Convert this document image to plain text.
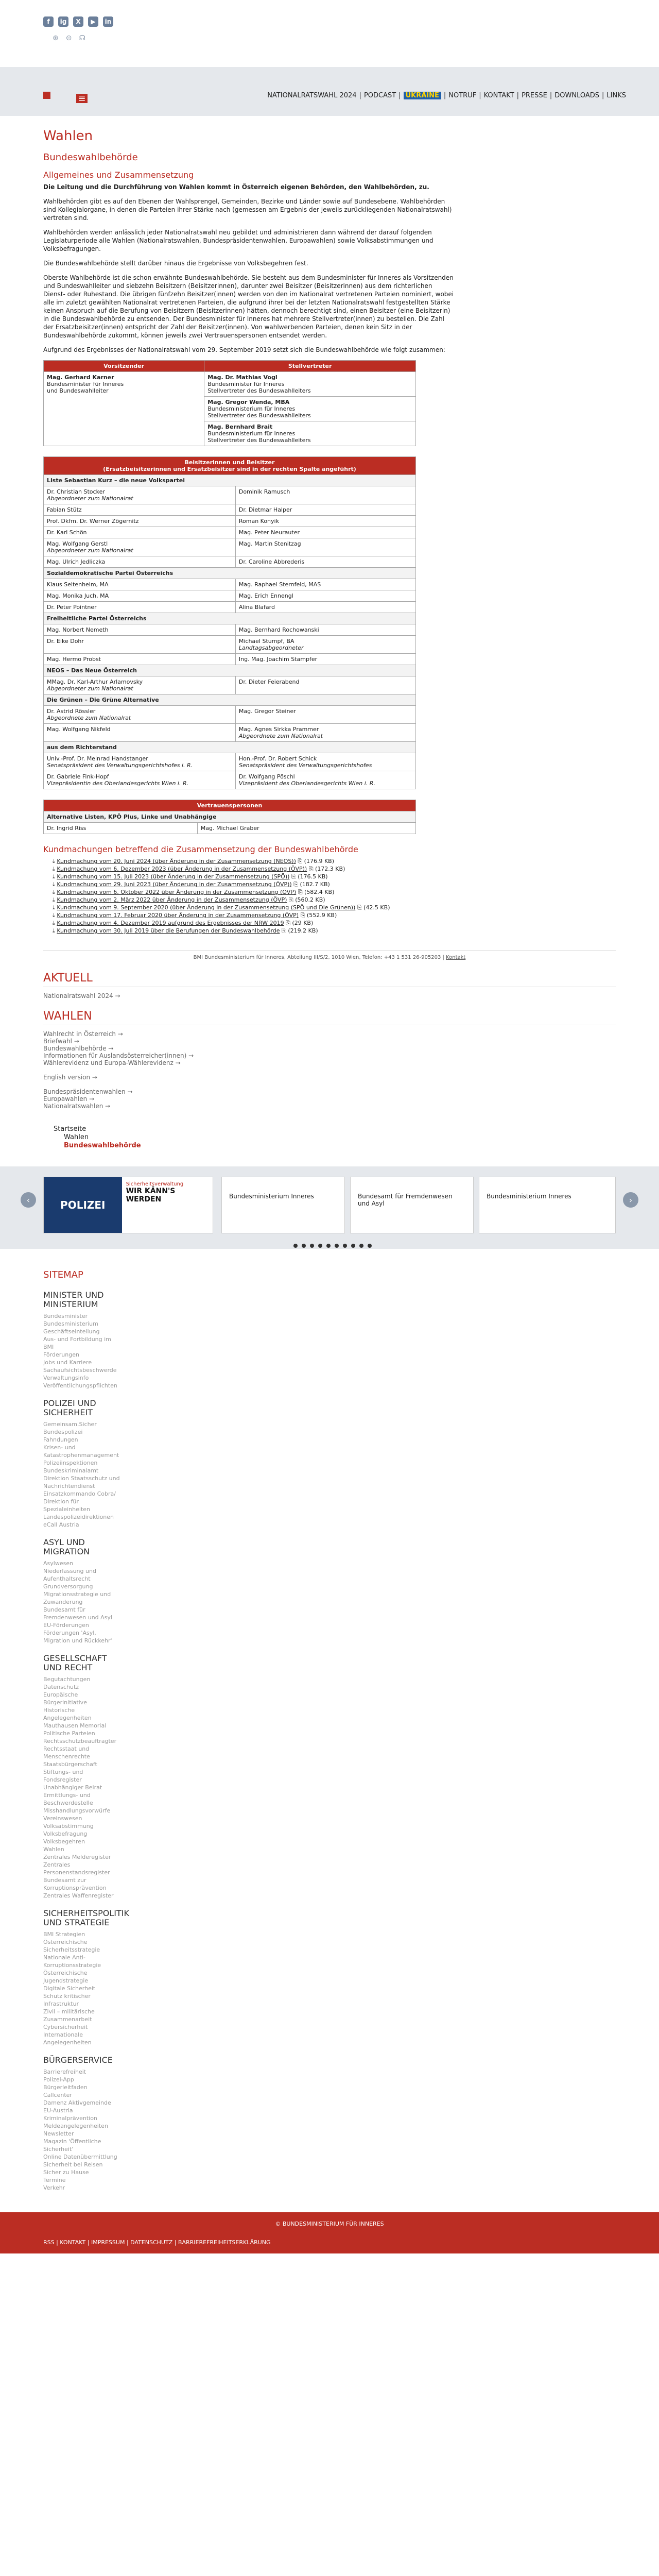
f	ig	X	▶	in
⊕ ⊝ ☊
≡	NATIONALRATSWAHL 2024 | PODCAST | UKRAINE | NOTRUF | KONTAKT | PRESSE | DOWNLOADS | LINKS
Wahlen
Bundeswahlbehörde
Allgemeines und Zusammensetzung

Die Leitung und die Durchführung von Wahlen kommt in Österreich eigenen Behörden, den Wahlbehörden, zu.

Wahlbehörden gibt es auf den Ebenen der Wahlsprengel, Gemeinden, Bezirke und Länder sowie auf Bundesebene. Wahlbehörden sind Kollegialorgane, in denen die Parteien ihrer Stärke nach (gemessen am Ergebnis der jeweils zurückliegenden Nationalratswahl) vertreten sind.

Wahlbehörden werden anlässlich jeder Nationalratswahl neu gebildet und administrieren dann während der darauf folgenden Legislaturperiode alle Wahlen (Nationalratswahlen, Bundespräsidentenwahlen, Europawahlen) sowie Volksabstimmungen und Volksbefragungen.

Die Bundeswahlbehörde stellt darüber hinaus die Ergebnisse von Volksbegehren fest.

Oberste Wahlbehörde ist die schon erwähnte Bundeswahlbehörde. Sie besteht aus dem Bundesminister für Inneres als Vorsitzenden und Bundeswahlleiter und siebzehn Beisitzern (Beisitzerinnen), darunter zwei Beisitzer (Beisitzerinnen) aus dem richterlichen Dienst- oder Ruhestand. Die übrigen fünfzehn Beisitzer(innen) werden von den im Nationalrat vertretenen Parteien nominiert, wobei alle im zuletzt gewählten Nationalrat vertretenen Parteien, die aufgrund ihrer bei der letzten Nationalratswahl festgestellten Stärke keinen Anspruch auf die Berufung von Beisitzern (Beisitzerinnen) hätten, dennoch berechtigt sind, einen Beisitzer (eine Beisitzerin) in die Bundeswahlbehörde zu entsenden. Der Bundesminister für Inneres hat mehrere Stellvertreter(innen) zu bestellen. Die Zahl der Ersatzbeisitzer(innen) entspricht der Zahl der Beisitzer(innen). Von wahlwerbenden Parteien, denen kein Sitz in der Bundeswahlbehörde zukommt, können jeweils zwei Vertrauenspersonen entsendet werden.

Aufgrund des Ergebnisses der Nationalratswahl vom 29. September 2019 setzt sich die Bundeswahlbehörde wie folgt zusammen:

Vorsitzender	Stellvertreter
Mag. Gerhard Karner
Bundesminister für Inneres
und Bundeswahlleiter	Mag. Dr. Mathias Vogl
Bundesminister für Inneres
Stellvertreter des Bundeswahlleiters
	Mag. Gregor Wenda, MBA
Bundesministerium für Inneres
Stellvertreter des Bundeswahlleiters
	Mag. Bernhard Brait
Bundesministerium für Inneres
Stellvertreter des Bundeswahlleiters
Beisitzerinnen und Beisitzer
(Ersatzbeisitzerinnen und Ersatzbeisitzer sind in der rechten Spalte angeführt)	
Liste Sebastian Kurz – die neue Volkspartei	
Dr. Christian Stocker
Abgeordneter zum Nationalrat	Dominik Ramusch
Fabian Stütz	Dr. Dietmar Halper
Prof. Dkfm. Dr. Werner Zögernitz	Roman Konyik
Dr. Karl Schön	Mag. Peter Neurauter
Mag. Wolfgang Gerstl
Abgeordneter zum Nationalrat	Mag. Martin Stenitzag
Mag. Ulrich Jedliczka	Dr. Caroline Abbrederis
Sozialdemokratische Partei Österreichs	
Klaus Seltenheim, MA	Mag. Raphael Sternfeld, MAS
Mag. Monika Juch, MA	Mag. Erich Ennengl
Dr. Peter Pointner	Alina Blafard
Freiheitliche Partei Österreichs	
Mag. Norbert Nemeth	Mag. Bernhard Rochowanski
Dr. Eike Dohr	Michael Stumpf, BA
Landtagsabgeordneter
Mag. Hermo Probst	Ing. Mag. Joachim Stampfer
NEOS – Das Neue Österreich	
MMag. Dr. Karl-Arthur Arlamovsky
Abgeordneter zum Nationalrat	Dr. Dieter Feierabend
Die Grünen – Die Grüne Alternative	
Dr. Astrid Rössler
Abgeordnete zum Nationalrat	Mag. Gregor Steiner
Mag. Wolfgang Nikfeld	Mag. Agnes Sirkka Prammer
Abgeordnete zum Nationalrat
aus dem Richterstand	
Univ.-Prof. Dr. Meinrad Handstanger
Senatspräsident des Verwaltungsgerichtshofes i. R.	Hon.-Prof. Dr. Robert Schick
Senatspräsident des Verwaltungsgerichtshofes
Dr. Gabriele Fink-Hopf
Vizepräsidentin des Oberlandesgerichts Wien i. R.	Dr. Wolfgang Pöschl
Vizepräsident des Oberlandesgerichts Wien i. R.
Vertrauenspersonen
Alternative Listen, KPÖ Plus, Linke und Unabhängige
Dr. Ingrid Riss	Mag. Michael Graber
Kundmachungen betreffend die Zusammensetzung der Bundeswahlbehörde
⤓ Kundmachung vom 20. Juni 2024 (über Änderung in der Zusammensetzung (NEOS)) ⎘ (176.9 KB)
⤓ Kundmachung vom 6. Dezember 2023 (über Änderung in der Zusammensetzung (ÖVP)) ⎘ (172.3 KB)
⤓ Kundmachung vom 15. Juli 2023 (über Änderung in der Zusammensetzung (SPÖ)) ⎘ (176.5 KB)
⤓ Kundmachung vom 29. Juni 2023 (über Änderung in der Zusammensetzung (ÖVP)) ⎘ (182.7 KB)
⤓ Kundmachung vom 6. Oktober 2022 über Änderung in der Zusammensetzung (ÖVP) ⎘ (582.4 KB)
⤓ Kundmachung vom 2. März 2022 über Änderung in der Zusammensetzung (ÖVP) ⎘ (560.2 KB)
⤓ Kundmachung vom 9. September 2020 (über Änderung in der Zusammensetzung (SPÖ und Die Grünen)) ⎘ (42.5 KB)
⤓ Kundmachung vom 17. Februar 2020 über Änderung in der Zusammensetzung (ÖVP) ⎘ (552.9 KB)
⤓ Kundmachung vom 4. Dezember 2019 aufgrund des Ergebnisses der NRW 2019 ⎘ (29 KB)
⤓ Kundmachung vom 30. Juli 2019 über die Berufungen der Bundeswahlbehörde ⎘ (219.2 KB)
BMI Bundesministerium für Inneres, Abteilung III/S/2, 1010 Wien, Telefon: +43 1 531 26-905203 | Kontakt
AKTUELL
Nationalratswahl 2024 →
WAHLEN
Wahlrecht in Österreich →
Briefwahl →
Bundeswahlbehörde →
Informationen für Auslandsösterreicher(innen) →
Wählerevidenz und Europa-Wählerevidenz →
English version →
Bundespräsidentenwahlen →
Europawahlen →
Nationalratswahlen →
Startseite
Wahlen
Bundeswahlbehörde
‹	POLIZEI
Sicherheitsverwaltung
WIR KÄNN'S WERDEN	Bundesministerium Inneres	Bundesamt für Fremdenwesen und Asyl
Bundesministerium Inneres	›
SITEMAP
MINISTER UND MINISTERIUM
Bundesminister
Bundesministerium
Geschäftseinteilung
Aus- und Fortbildung im BMI
Förderungen
Jobs und Karriere
Sachaufsichtsbeschwerde
Verwaltungsinfo
Veröffentlichungspflichten
POLIZEI UND SICHERHEIT
Gemeinsam.Sicher
Bundespolizei
Fahndungen
Krisen- und Katastrophenmanagement
Polizeiinspektionen
Bundeskriminalamt
Direktion Staatsschutz und Nachrichtendienst
Einsatzkommando Cobra/ Direktion für Spezialeinheiten
Landespolizeidirektionen
eCall Austria
ASYL UND MIGRATION
Asylwesen
Niederlassung und Aufenthaltsrecht
Grundversorgung
Migrationsstrategie und Zuwanderung
Bundesamt für Fremdenwesen und Asyl
EU-Förderungen
Förderungen 'Asyl, Migration und Rückkehr'
GESELLSCHAFT UND RECHT
Begutachtungen
Datenschutz
Europäische Bürgerinitiative
Historische Angelegenheiten
Mauthausen Memorial
Politische Parteien
Rechtsschutzbeauftragter
Rechtsstaat und Menschenrechte
Staatsbürgerschaft
Stiftungs- und Fondsregister
Unabhängiger Beirat Ermittlungs- und Beschwerdestelle Misshandlungsvorwürfe
Vereinswesen
Volksabstimmung
Volksbefragung
Volksbegehren
Wahlen
Zentrales Melderegister
Zentrales Personenstandsregister
Bundesamt zur Korruptionsprävention
Zentrales Waffenregister
SICHERHEITSPOLITIK UND STRATEGIE
BMI Strategien
Österreichische Sicherheitsstrategie
Nationale Anti-Korruptionsstrategie
Österreichische Jugendstrategie
Digitale Sicherheit
Schutz kritischer Infrastruktur
Zivil – militärische Zusammenarbeit
Cybersicherheit
Internationale Angelegenheiten
BÜRGERSERVICE
Barrierefreiheit
Polizei-App
Bürgerleitfaden
Callcenter
Damenz Aktivgemeinde
EU-Austria
Kriminalprävention
Meldeangelegenheiten
Newsletter
Magazin 'Öffentliche Sicherheit'
Online Datenübermittlung
Sicherheit bei Reisen
Sicher zu Hause
Termine
Verkehr
© BUNDESMINISTERIUM FÜR INNERES
RSS | KONTAKT | IMPRESSUM | DATENSCHUTZ | BARRIEREFREIHEITSERKLÄRUNG
